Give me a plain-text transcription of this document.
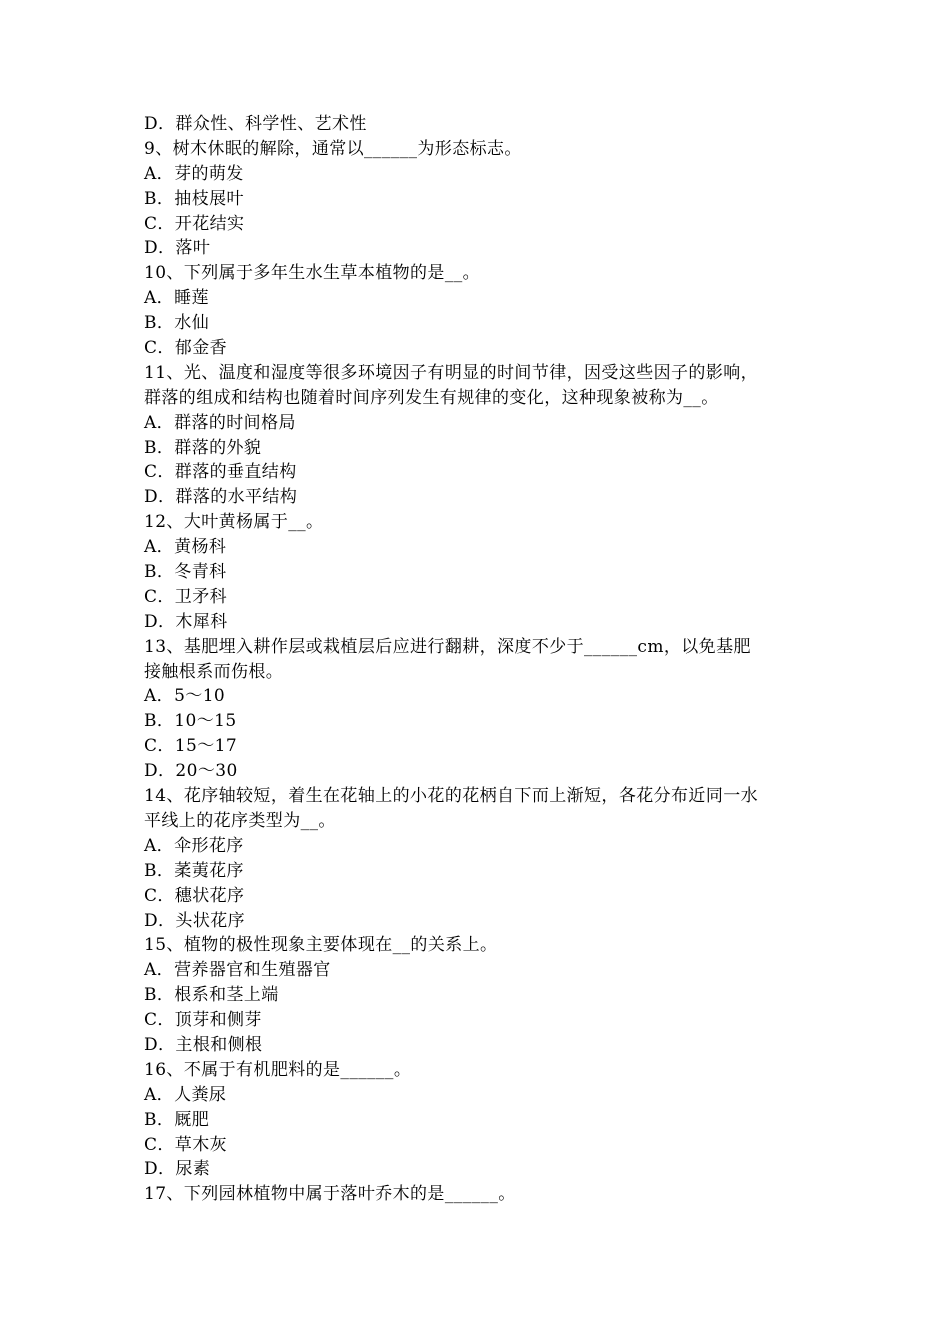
D．群众性、科学性、艺术性
9、树木休眠的解除，通常以______为形态标志。
A．芽的萌发
B．抽枝展叶
C．开花结实
D．落叶
10、下列属于多年生水生草本植物的是__。
A．睡莲
B．水仙
C．郁金香
11、光、温度和湿度等很多环境因子有明显的时间节律，因受这些因子的影响，
群落的组成和结构也随着时间序列发生有规律的变化，这种现象被称为__。
A．群落的时间格局
B．群落的外貌
C．群落的垂直结构
D．群落的水平结构
12、大叶黄杨属于__。
A．黄杨科
B．冬青科
C．卫矛科
D．木犀科
13、基肥埋入耕作层或栽植层后应进行翻耕，深度不少于______cm，以免基肥
接触根系而伤根。
A．5～10
B．10～15
C．15～17
D．20～30
14、花序轴较短，着生在花轴上的小花的花柄自下而上渐短，各花分布近同一水
平线上的花序类型为__。
A．伞形花序
B．葇荑花序
C．穗状花序
D．头状花序
15、植物的极性现象主要体现在__的关系上。
A．营养器官和生殖器官
B．根系和茎上端
C．顶芽和侧芽
D．主根和侧根
16、不属于有机肥料的是______。
A．人粪尿
B．厩肥
C．草木灰
D．尿素
17、下列园林植物中属于落叶乔木的是______。
